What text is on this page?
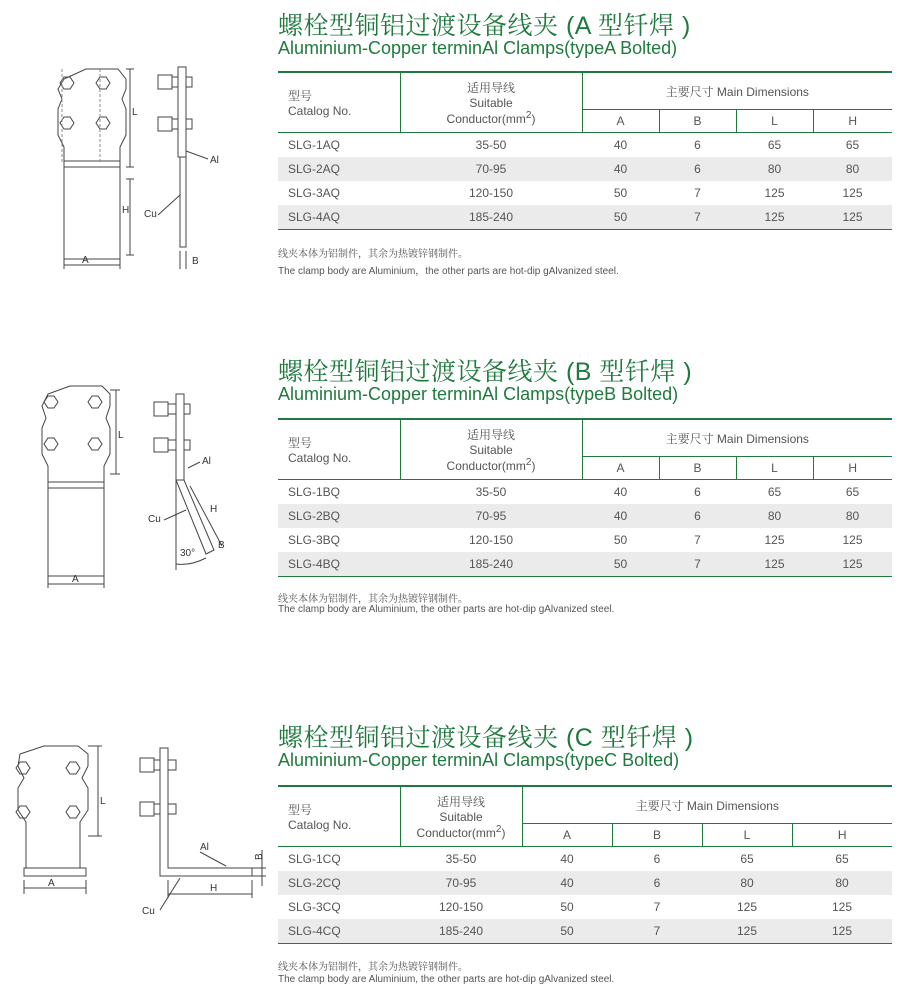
螺栓型铜铝过渡设备线夹 (A 型钎焊 )
Aluminium-Copper terminAl Clamps(typeA Bolted)
L
H
A
Al
Cu
B
型号
Catalog No.	适用导线
Suitable
$Conductor(mm^2)$	主要尺寸 Main Dimensions			
		A	B	L	H
SLG-1AQ	35-50	40	6	65	65
SLG-2AQ	70-95	40	6	80	80
SLG-3AQ	120-150	50	7	125	125
SLG-4AQ	185-240	50	7	125	125
线夹本体为铝制件，其余为热镀锌钢制件。
The clamp body are Aluminium，the other parts are hot-dip gAlvanized steel.
螺栓型铜铝过渡设备线夹 (B 型钎焊 )
Aluminium-Copper terminAl Clamps(typeB Bolted)
L
A
Al
Cu
H
B
30°
型号
Catalog No.	适用导线
Suitable
$Conductor(mm^2)$	主要尺寸 Main Dimensions			
		A	B	L	H
SLG-1BQ	35-50	40	6	65	65
SLG-2BQ	70-95	40	6	80	80
SLG-3BQ	120-150	50	7	125	125
SLG-4BQ	185-240	50	7	125	125
线夹本体为铝制件，其余为热镀锌钢制件。
The clamp body are Aluminium, the other parts are hot-dip gAlvanized steel.
螺栓型铜铝过渡设备线夹 (C 型钎焊 )
Aluminium-Copper terminAl Clamps(typeC Bolted)
L
A
Al
Cu
B
H
型号
Catalog No.	适用导线
Suitable
$Conductor(mm^2)$	主要尺寸 Main Dimensions			
		A	B	L	H
SLG-1CQ	35-50	40	6	65	65
SLG-2CQ	70-95	40	6	80	80
SLG-3CQ	120-150	50	7	125	125
SLG-4CQ	185-240	50	7	125	125
线夹本体为铝制件，其余为热镀锌钢制件。
The clamp body are Aluminium, the other parts are hot-dip gAlvanized steel.
